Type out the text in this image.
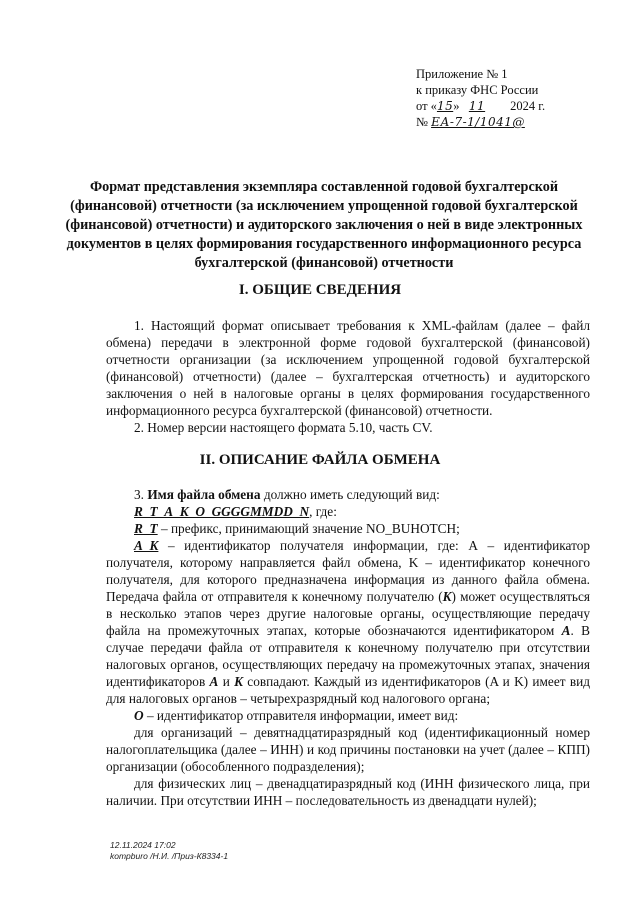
Приложение № 1
к приказу ФНС России
от «15» 11 2024 г.
№ ЕА-7-1/1041@
Формат представления экземпляра составленной годовой бухгалтерской (финансовой) отчетности (за исключением упрощенной годовой бухгалтерской (финансовой) отчетности) и аудиторского заключения о ней в виде электронных документов в целях формирования государственного информационного ресурса бухгалтерской (финансовой) отчетности
I. ОБЩИЕ СВЕДЕНИЯ

1. Настоящий формат описывает требования к XML-файлам (далее – файл обмена) передачи в электронной форме годовой бухгалтерской (финансовой) отчетности организации (за исключением упрощенной годовой бухгалтерской (финансовой) отчетности) (далее – бухгалтерская отчетность) и аудиторского заключения о ней в налоговые органы в целях формирования государственного информационного ресурса бухгалтерской (финансовой) отчетности.

2. Номер версии настоящего формата 5.10, часть CV.

II. ОПИСАНИЕ ФАЙЛА ОБМЕНА

3. Имя файла обмена должно иметь следующий вид:

R_T_A_K_O_GGGGMMDD_N, где:

R_T – префикс, принимающий значение NO_BUHOTCH;

A_K – идентификатор получателя информации, где: А – идентификатор получателя, которому направляется файл обмена, K – идентификатор конечного получателя, для которого предназначена информация из данного файла обмена. Передача файла от отправителя к конечному получателю (K) может осуществляться в несколько этапов через другие налоговые органы, осуществляющие передачу файла на промежуточных этапах, которые обозначаются идентификатором А. В случае передачи файла от отправителя к конечному получателю при отсутствии налоговых органов, осуществляющих передачу на промежуточных этапах, значения идентификаторов А и K совпадают. Каждый из идентификаторов (A и K) имеет вид для налоговых органов – четырехразрядный код налогового органа;

O – идентификатор отправителя информации, имеет вид:

для организаций – девятнадцатиразрядный код (идентификационный номер налогоплательщика (далее – ИНН) и код причины постановки на учет (далее – КПП) организации (обособленного подразделения);

для физических лиц – двенадцатиразрядный код (ИНН физического лица, при наличии. При отсутствии ИНН – последовательность из двенадцати нулей);

12.11.2024 17:02
kompburo /Н.И. /Приз-К8334-1
